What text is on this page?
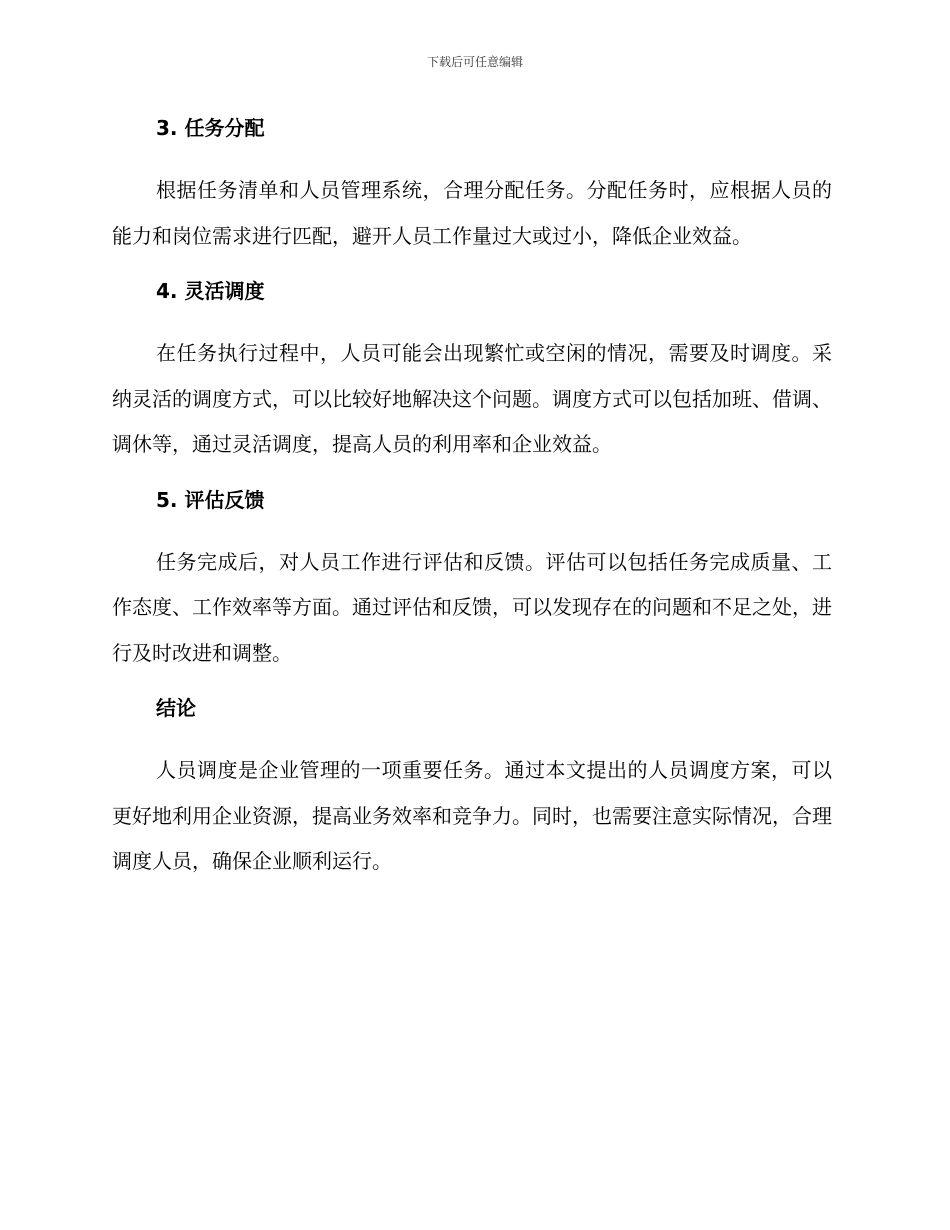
下载后可任意编辑
3. 任务分配

根据任务清单和人员管理系统，合理分配任务。分配任务时，应根据人员的能力和岗位需求进行匹配，避开人员工作量过大或过小，降低企业效益。

4. 灵活调度

在任务执行过程中，人员可能会出现繁忙或空闲的情况，需要及时调度。采纳灵活的调度方式，可以比较好地解决这个问题。调度方式可以包括加班、借调、调休等，通过灵活调度，提高人员的利用率和企业效益。

5. 评估反馈

任务完成后，对人员工作进行评估和反馈。评估可以包括任务完成质量、工作态度、工作效率等方面。通过评估和反馈，可以发现存在的问题和不足之处，进行及时改进和调整。

结论

人员调度是企业管理的一项重要任务。通过本文提出的人员调度方案，可以更好地利用企业资源，提高业务效率和竞争力。同时，也需要注意实际情况，合理调度人员，确保企业顺利运行。
